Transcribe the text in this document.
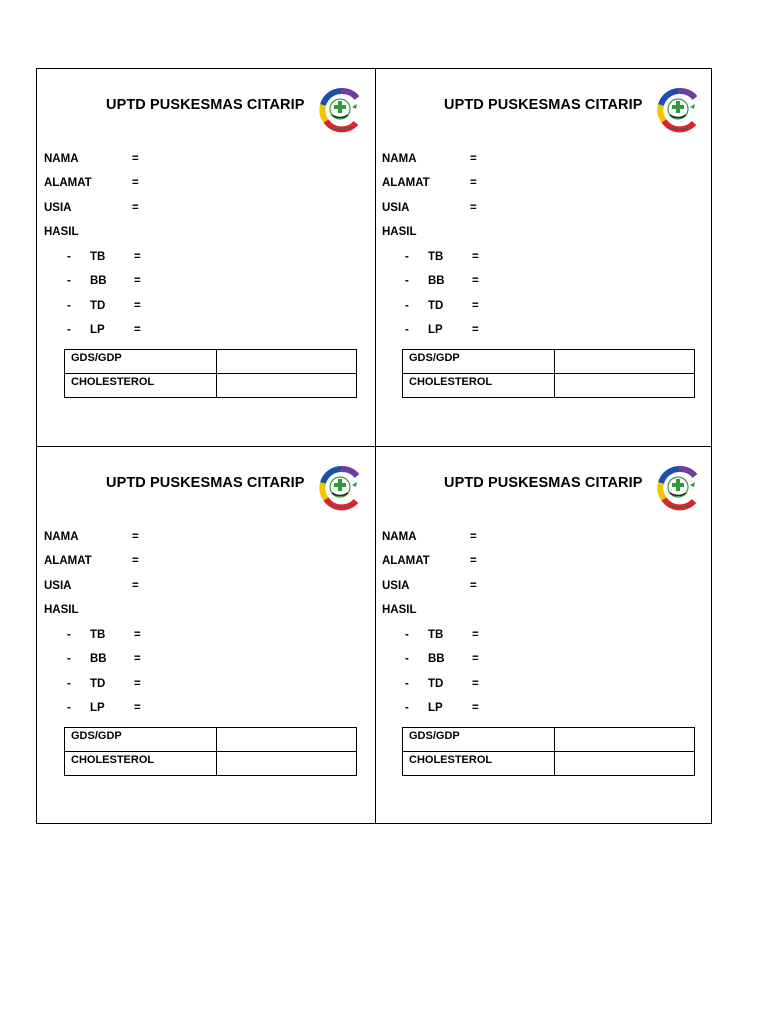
UPTD PUSKESMAS CITARIP
NAMA	=
ALAMAT	=
USIA	=
HASIL
- TB =
- BB =
- TD =
- LP	=
GDS/GDP	
CHOLESTEROL	
UPTD PUSKESMAS CITARIP
NAMA	=
ALAMAT	=
USIA	=
HASIL
- TB =
- BB =
- TD =
- LP	=
GDS/GDP	
CHOLESTEROL	
UPTD PUSKESMAS CITARIP
NAMA	=
ALAMAT	=
USIA	=
HASIL
- TB =
- BB =
- TD =
- LP	=
GDS/GDP	
CHOLESTEROL	
UPTD PUSKESMAS CITARIP
NAMA	=
ALAMAT	=
USIA	=
HASIL
- TB =
- BB =
- TD =
- LP	=
GDS/GDP	
CHOLESTEROL	
